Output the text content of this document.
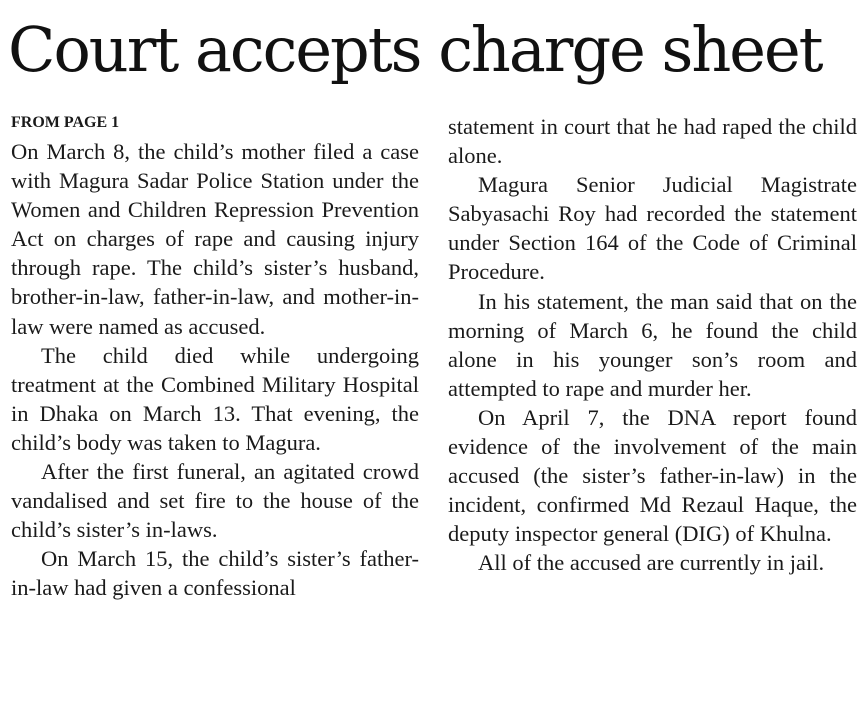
Court accepts charge sheet
FROM PAGE 1

On March 8, the child’s mother filed a case with Magura Sadar Police Station under the Women and Children Repression Prevention Act on charges of rape and causing injury through rape. The child’s sister’s husband, brother-in-law, father-in-law, and mother-in-law were named as accused.

The child died while undergoing treatment at the Combined Military Hospital in Dhaka on March 13. That evening, the child’s body was taken to Magura.

After the first funeral, an agitated crowd vandalised and set fire to the house of the child’s sister’s in-laws.

On March 15, the child’s sister’s father-in-law had given a confessional

statement in court that he had raped the child alone.

Magura Senior Judicial Magistrate Sabyasachi Roy had recorded the statement under Section 164 of the Code of Criminal Procedure.

In his statement, the man said that on the morning of March 6, he found the child alone in his younger son’s room and attempted to rape and murder her.

On April 7, the DNA report found evidence of the involvement of the main accused (the sister’s father-in-law) in the incident, confirmed Md Rezaul Haque, the deputy inspector general (DIG) of Khulna.

All of the accused are currently in jail.
